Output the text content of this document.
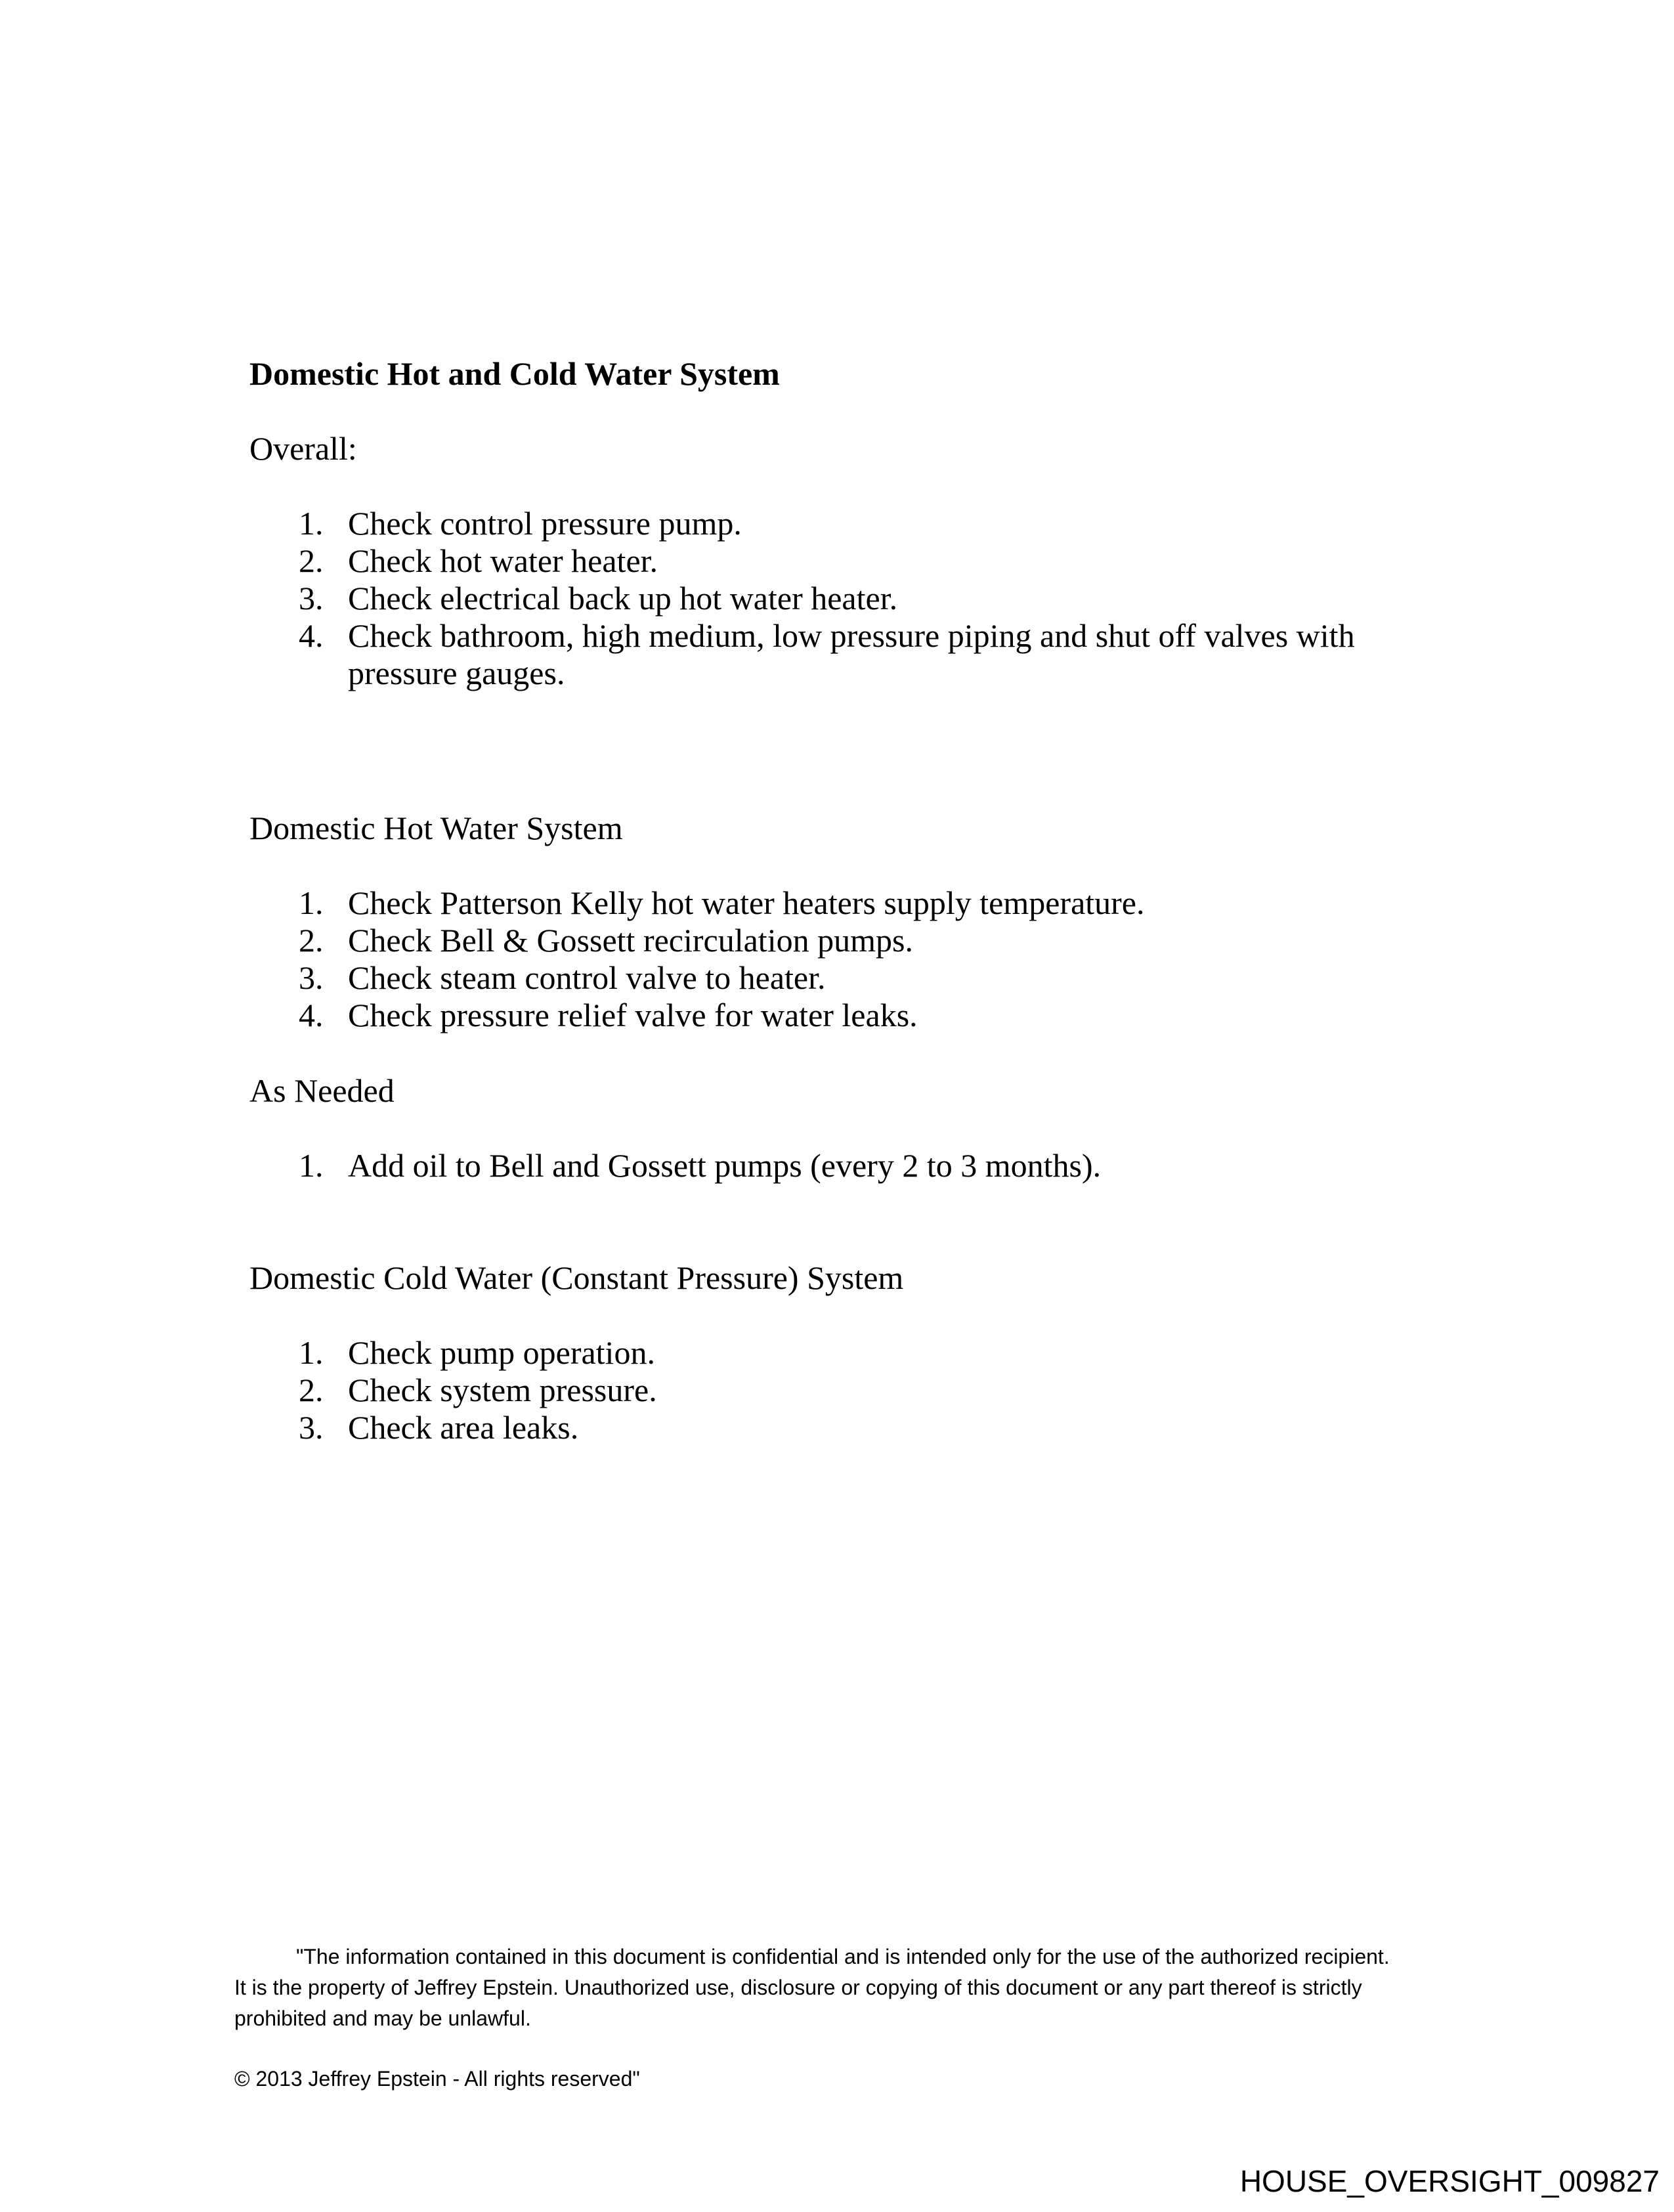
Domestic Hot and Cold Water System

Overall:

1. Check control pressure pump.
2. Check hot water heater.
3. Check electrical back up hot water heater.
4. Check bathroom, high medium, low pressure piping and shut off valves with pressure gauges.

Domestic Hot Water System

1. Check Patterson Kelly hot water heaters supply temperature.
2. Check Bell & Gossett recirculation pumps.
3. Check steam control valve to heater.
4. Check pressure relief valve for water leaks.

As Needed

1. Add oil to Bell and Gossett pumps (every 2 to 3 months).

Domestic Cold Water (Constant Pressure) System

1. Check pump operation.
2. Check system pressure.
3. Check area leaks.
"The information contained in this document is confidential and is intended only for the use of the authorized recipient.
It is the property of Jeffrey Epstein. Unauthorized use, disclosure or copying of this document or any part thereof is strictly
prohibited and may be unlawful.
© 2013 Jeffrey Epstein - All rights reserved"
HOUSE_OVERSIGHT_009827
